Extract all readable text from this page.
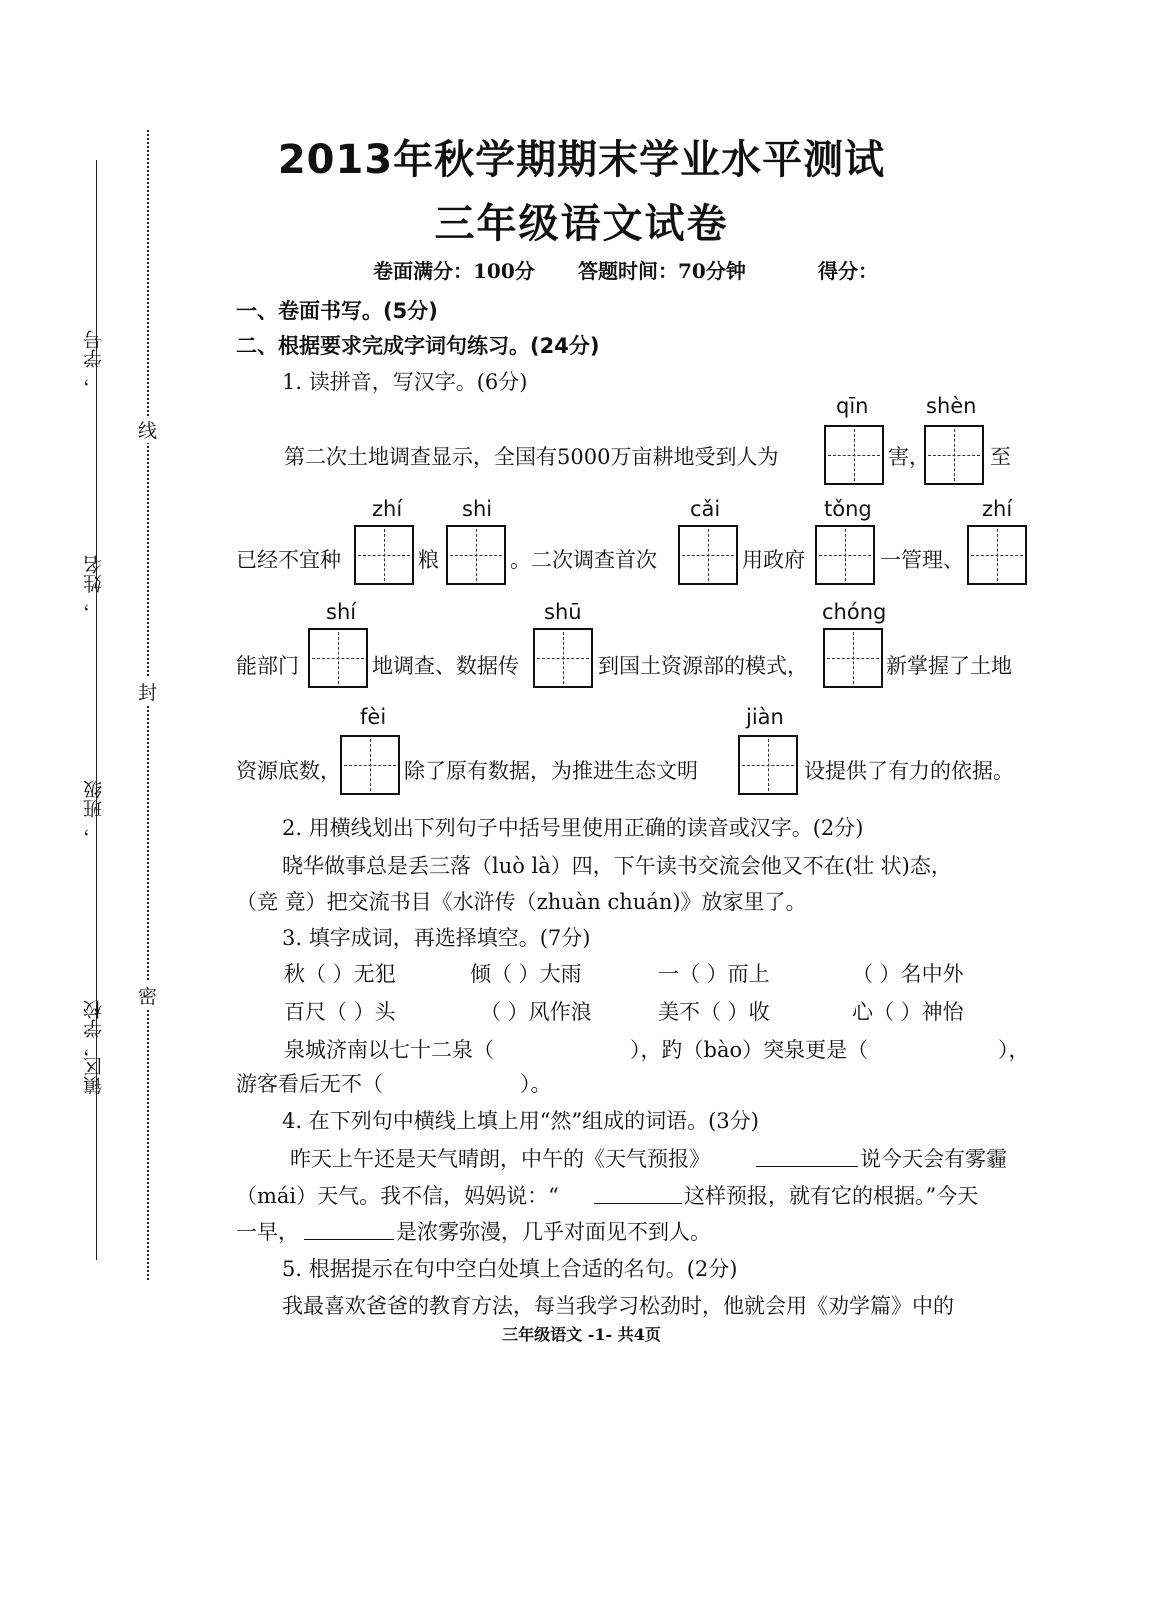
镇区，学校
，班级
，姓名
，学号
密
封
线
2013年秋学期期末学业水平测试
三年级语文试卷
卷面满分：100分 答题时间：70分钟	得分：
一、卷面书写。(5分)
二、根据要求完成字词句练习。(24分)
1. 读拼音，写汉字。(6分)
qīn	shèn
第二次土地调查显示，全国有5000万亩耕地受到人为	害，	至
zhí	shi	cǎi	tǒng	zhí
已经不宜种	粮	。二次调查首次	用政府	一管理、
shí	shū	chóng
能部门	地调查、数据传	到国土资源部的模式，	新掌握了土地
fèi	jiàn
资源底数，	除了原有数据，为推进生态文明	设提供了有力的依据。
2. 用横线划出下列句子中括号里使用正确的读音或汉字。(2分)
晓华做事总是丢三落（luò là）四，下午读书交流会他又不在(壮 状)态，
（竞 竟）把交流书目《水浒传（zhuàn chuán)》放家里了。
3. 填字成词，再选择填空。(7分)
秋（ ）无犯	倾（ ）大雨	一（ ）而上	（ ）名中外
百尺（ ）头	（ ）风作浪	美不（ ）收	心（ ）神怡
泉城济南以七十二泉（	），趵（bào）突泉更是（	），
游客看后无不（	）。
4. 在下列句中横线上填上用“然”组成的词语。(3分)
昨天上午还是天气晴朗，中午的《天气预报》	说今天会有雾霾
（mái）天气。我不信，妈妈说：“	这样预报，就有它的根据。”今天
一早，	是浓雾弥漫，几乎对面见不到人。
5. 根据提示在句中空白处填上合适的名句。(2分)
我最喜欢爸爸的教育方法，每当我学习松劲时，他就会用《劝学篇》中的
三年级语文 -1- 共4页
